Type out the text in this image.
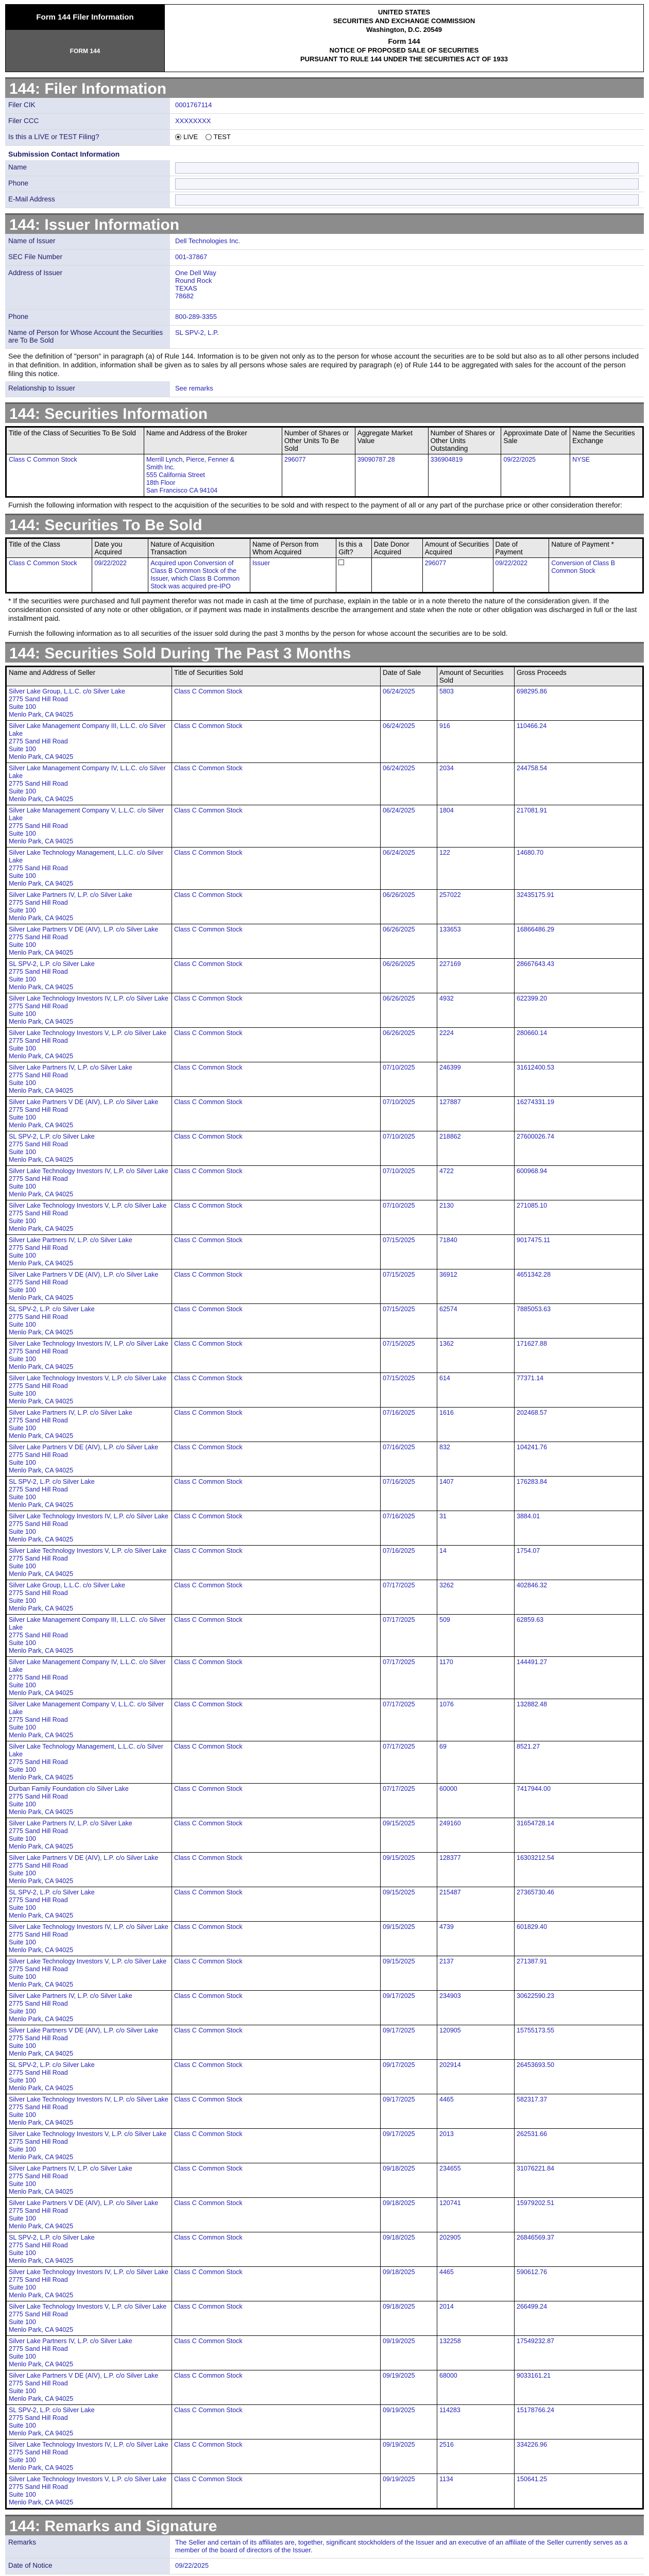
Form 144 Filer Information
FORM 144
UNITED STATES
SECURITIES AND EXCHANGE COMMISSION
Washington, D.C. 20549
Form 144
NOTICE OF PROPOSED SALE OF SECURITIES
PURSUANT TO RULE 144 UNDER THE SECURITIES ACT OF 1933
144: Filer Information
Filer CIK	0001767114
Filer CCC	XXXXXXXX
Is this a LIVE or TEST Filing?	LIVE TEST
Submission Contact Information
Name
Phone
E-Mail Address
144: Issuer Information
Name of Issuer	Dell Technologies Inc.
SEC File Number	001-37867
Address of Issuer	One Dell Way
Round Rock
TEXAS
78682
Phone	800-289-3355
Name of Person for Whose Account the Securities are To Be Sold
SL SPV-2, L.P.
See the definition of "person" in paragraph (a) of Rule 144. Information is to be given not only as to the person for whose account the securities are to be sold but also as to all other persons included in that definition. In addition, information shall be given as to sales by all persons whose sales are required by paragraph (e) of Rule 144 to be aggregated with sales for the account of the person filing this notice.
Relationship to Issuer	See remarks
144: Securities Information
Title of the Class of Securities To Be Sold	Name and Address of the Broker	Number of Shares or Other Units To Be Sold	Aggregate Market Value	Number of Shares or Other Units Outstanding	Approximate Date of Sale	Name the Securities Exchange
Class C Common Stock	Merrill Lynch, Pierce, Fenner &
Smith Inc.
555 California Street
18th Floor
San Francisco CA 94104	296077	39090787.28	336904819	09/22/2025	NYSE
Furnish the following information with respect to the acquisition of the securities to be sold and with respect to the payment of all or any part of the purchase price or other consideration therefor:
144: Securities To Be Sold
Title of the Class	Date you Acquired	Nature of Acquisition Transaction	Name of Person from Whom Acquired	Is this a Gift?	Date Donor Acquired	Amount of Securities Acquired	Date of Payment	Nature of Payment *
Class C Common Stock	09/22/2022	Acquired upon Conversion of Class B Common Stock of the Issuer, which Class B Common Stock was acquired pre-IPO	Issuer			296077	09/22/2022	Conversion of Class B Common Stock
* If the securities were purchased and full payment therefor was not made in cash at the time of purchase, explain in the table or in a note thereto the nature of the consideration given. If the consideration consisted of any note or other obligation, or if payment was made in installments describe the arrangement and state when the note or other obligation was discharged in full or the last installment paid.
Furnish the following information as to all securities of the issuer sold during the past 3 months by the person for whose account the securities are to be sold.
144: Securities Sold During The Past 3 Months
Name and Address of Seller	Title of Securities Sold	Date of Sale	Amount of Securities Sold	Gross Proceeds

Silver Lake Group, L.L.C. c/o Silver Lake
2775 Sand Hill Road
Suite 100
Menlo Park, CA 94025	Class C Common Stock	06/24/2025	5803	698295.86

Silver Lake Management Company III, L.L.C. c/o Silver Lake
2775 Sand Hill Road
Suite 100
Menlo Park, CA 94025	Class C Common Stock	06/24/2025	916	110466.24

Silver Lake Management Company IV, L.L.C. c/o Silver Lake
2775 Sand Hill Road
Suite 100
Menlo Park, CA 94025	Class C Common Stock	06/24/2025	2034	244758.54

Silver Lake Management Company V, L.L.C. c/o Silver Lake
2775 Sand Hill Road
Suite 100
Menlo Park, CA 94025	Class C Common Stock	06/24/2025	1804	217081.91

Silver Lake Technology Management, L.L.C. c/o Silver Lake
2775 Sand Hill Road
Suite 100
Menlo Park, CA 94025	Class C Common Stock	06/24/2025	122	14680.70

Silver Lake Partners IV, L.P. c/o Silver Lake
2775 Sand Hill Road
Suite 100
Menlo Park, CA 94025	Class C Common Stock	06/26/2025	257022	32435175.91

Silver Lake Partners V DE (AIV), L.P. c/o Silver Lake
2775 Sand Hill Road
Suite 100
Menlo Park, CA 94025	Class C Common Stock	06/26/2025	133653	16866486.29

SL SPV-2, L.P. c/o Silver Lake
2775 Sand Hill Road
Suite 100
Menlo Park, CA 94025	Class C Common Stock	06/26/2025	227169	28667643.43

Silver Lake Technology Investors IV, L.P. c/o Silver Lake
2775 Sand Hill Road
Suite 100
Menlo Park, CA 94025	Class C Common Stock	06/26/2025	4932	622399.20

Silver Lake Technology Investors V, L.P. c/o Silver Lake
2775 Sand Hill Road
Suite 100
Menlo Park, CA 94025	Class C Common Stock	06/26/2025	2224	280660.14

Silver Lake Partners IV, L.P. c/o Silver Lake
2775 Sand Hill Road
Suite 100
Menlo Park, CA 94025	Class C Common Stock	07/10/2025	246399	31612400.53

Silver Lake Partners V DE (AIV), L.P. c/o Silver Lake
2775 Sand Hill Road
Suite 100
Menlo Park, CA 94025	Class C Common Stock	07/10/2025	127887	16274331.19

SL SPV-2, L.P. c/o Silver Lake
2775 Sand Hill Road
Suite 100
Menlo Park, CA 94025	Class C Common Stock	07/10/2025	218862	27600026.74

Silver Lake Technology Investors IV, L.P. c/o Silver Lake
2775 Sand Hill Road
Suite 100
Menlo Park, CA 94025	Class C Common Stock	07/10/2025	4722	600968.94

Silver Lake Technology Investors V, L.P. c/o Silver Lake
2775 Sand Hill Road
Suite 100
Menlo Park, CA 94025	Class C Common Stock	07/10/2025	2130	271085.10

Silver Lake Partners IV, L.P. c/o Silver Lake
2775 Sand Hill Road
Suite 100
Menlo Park, CA 94025	Class C Common Stock	07/15/2025	71840	9017475.11

Silver Lake Partners V DE (AIV), L.P. c/o Silver Lake
2775 Sand Hill Road
Suite 100
Menlo Park, CA 94025	Class C Common Stock	07/15/2025	36912	4651342.28

SL SPV-2, L.P. c/o Silver Lake
2775 Sand Hill Road
Suite 100
Menlo Park, CA 94025	Class C Common Stock	07/15/2025	62574	7885053.63

Silver Lake Technology Investors IV, L.P. c/o Silver Lake
2775 Sand Hill Road
Suite 100
Menlo Park, CA 94025	Class C Common Stock	07/15/2025	1362	171627.88

Silver Lake Technology Investors V, L.P. c/o Silver Lake
2775 Sand Hill Road
Suite 100
Menlo Park, CA 94025	Class C Common Stock	07/15/2025	614	77371.14

Silver Lake Partners IV, L.P. c/o Silver Lake
2775 Sand Hill Road
Suite 100
Menlo Park, CA 94025	Class C Common Stock	07/16/2025	1616	202468.57

Silver Lake Partners V DE (AIV), L.P. c/o Silver Lake
2775 Sand Hill Road
Suite 100
Menlo Park, CA 94025	Class C Common Stock	07/16/2025	832	104241.76

SL SPV-2, L.P. c/o Silver Lake
2775 Sand Hill Road
Suite 100
Menlo Park, CA 94025	Class C Common Stock	07/16/2025	1407	176283.84

Silver Lake Technology Investors IV, L.P. c/o Silver Lake
2775 Sand Hill Road
Suite 100
Menlo Park, CA 94025	Class C Common Stock	07/16/2025	31	3884.01

Silver Lake Technology Investors V, L.P. c/o Silver Lake
2775 Sand Hill Road
Suite 100
Menlo Park, CA 94025	Class C Common Stock	07/16/2025	14	1754.07

Silver Lake Group, L.L.C. c/o Silver Lake
2775 Sand Hill Road
Suite 100
Menlo Park, CA 94025	Class C Common Stock	07/17/2025	3262	402846.32

Silver Lake Management Company III, L.L.C. c/o Silver Lake
2775 Sand Hill Road
Suite 100
Menlo Park, CA 94025	Class C Common Stock	07/17/2025	509	62859.63

Silver Lake Management Company IV, L.L.C. c/o Silver Lake
2775 Sand Hill Road
Suite 100
Menlo Park, CA 94025	Class C Common Stock	07/17/2025	1170	144491.27

Silver Lake Management Company V, L.L.C. c/o Silver Lake
2775 Sand Hill Road
Suite 100
Menlo Park, CA 94025	Class C Common Stock	07/17/2025	1076	132882.48

Silver Lake Technology Management, L.L.C. c/o Silver Lake
2775 Sand Hill Road
Suite 100
Menlo Park, CA 94025	Class C Common Stock	07/17/2025	69	8521.27

Durban Family Foundation c/o Silver Lake
2775 Sand Hill Road
Suite 100
Menlo Park, CA 94025	Class C Common Stock	07/17/2025	60000	7417944.00

Silver Lake Partners IV, L.P. c/o Silver Lake
2775 Sand Hill Road
Suite 100
Menlo Park, CA 94025	Class C Common Stock	09/15/2025	249160	31654728.14

Silver Lake Partners V DE (AIV), L.P. c/o Silver Lake
2775 Sand Hill Road
Suite 100
Menlo Park, CA 94025	Class C Common Stock	09/15/2025	128377	16303212.54

SL SPV-2, L.P. c/o Silver Lake
2775 Sand Hill Road
Suite 100
Menlo Park, CA 94025	Class C Common Stock	09/15/2025	215487	27365730.46

Silver Lake Technology Investors IV, L.P. c/o Silver Lake
2775 Sand Hill Road
Suite 100
Menlo Park, CA 94025	Class C Common Stock	09/15/2025	4739	601829.40

Silver Lake Technology Investors V, L.P. c/o Silver Lake
2775 Sand Hill Road
Suite 100
Menlo Park, CA 94025	Class C Common Stock	09/15/2025	2137	271387.91

Silver Lake Partners IV, L.P. c/o Silver Lake
2775 Sand Hill Road
Suite 100
Menlo Park, CA 94025	Class C Common Stock	09/17/2025	234903	30622590.23

Silver Lake Partners V DE (AIV), L.P. c/o Silver Lake
2775 Sand Hill Road
Suite 100
Menlo Park, CA 94025	Class C Common Stock	09/17/2025	120905	15755173.55

SL SPV-2, L.P. c/o Silver Lake
2775 Sand Hill Road
Suite 100
Menlo Park, CA 94025	Class C Common Stock	09/17/2025	202914	26453693.50

Silver Lake Technology Investors IV, L.P. c/o Silver Lake
2775 Sand Hill Road
Suite 100
Menlo Park, CA 94025	Class C Common Stock	09/17/2025	4465	582317.37

Silver Lake Technology Investors V, L.P. c/o Silver Lake
2775 Sand Hill Road
Suite 100
Menlo Park, CA 94025	Class C Common Stock	09/17/2025	2013	262531.66

Silver Lake Partners IV, L.P. c/o Silver Lake
2775 Sand Hill Road
Suite 100
Menlo Park, CA 94025	Class C Common Stock	09/18/2025	234655	31076221.84

Silver Lake Partners V DE (AIV), L.P. c/o Silver Lake
2775 Sand Hill Road
Suite 100
Menlo Park, CA 94025	Class C Common Stock	09/18/2025	120741	15979202.51

SL SPV-2, L.P. c/o Silver Lake
2775 Sand Hill Road
Suite 100
Menlo Park, CA 94025	Class C Common Stock	09/18/2025	202905	26846569.37

Silver Lake Technology Investors IV, L.P. c/o Silver Lake
2775 Sand Hill Road
Suite 100
Menlo Park, CA 94025	Class C Common Stock	09/18/2025	4465	590612.76

Silver Lake Technology Investors V, L.P. c/o Silver Lake
2775 Sand Hill Road
Suite 100
Menlo Park, CA 94025	Class C Common Stock	09/18/2025	2014	266499.24

Silver Lake Partners IV, L.P. c/o Silver Lake
2775 Sand Hill Road
Suite 100
Menlo Park, CA 94025	Class C Common Stock	09/19/2025	132258	17549232.87

Silver Lake Partners V DE (AIV), L.P. c/o Silver Lake
2775 Sand Hill Road
Suite 100
Menlo Park, CA 94025	Class C Common Stock	09/19/2025	68000	9033161.21

SL SPV-2, L.P. c/o Silver Lake
2775 Sand Hill Road
Suite 100
Menlo Park, CA 94025	Class C Common Stock	09/19/2025	114283	15178766.24

Silver Lake Technology Investors IV, L.P. c/o Silver Lake
2775 Sand Hill Road
Suite 100
Menlo Park, CA 94025	Class C Common Stock	09/19/2025	2516	334226.96

Silver Lake Technology Investors V, L.P. c/o Silver Lake
2775 Sand Hill Road
Suite 100
Menlo Park, CA 94025	Class C Common Stock	09/19/2025	1134	150641.25
144: Remarks and Signature
Remarks	The Seller and certain of its affiliates are, together, significant stockholders of the Issuer and an executive of an affiliate of the Seller currently serves as a member of the board of directors of the Issuer.
Date of Notice	09/22/2025
